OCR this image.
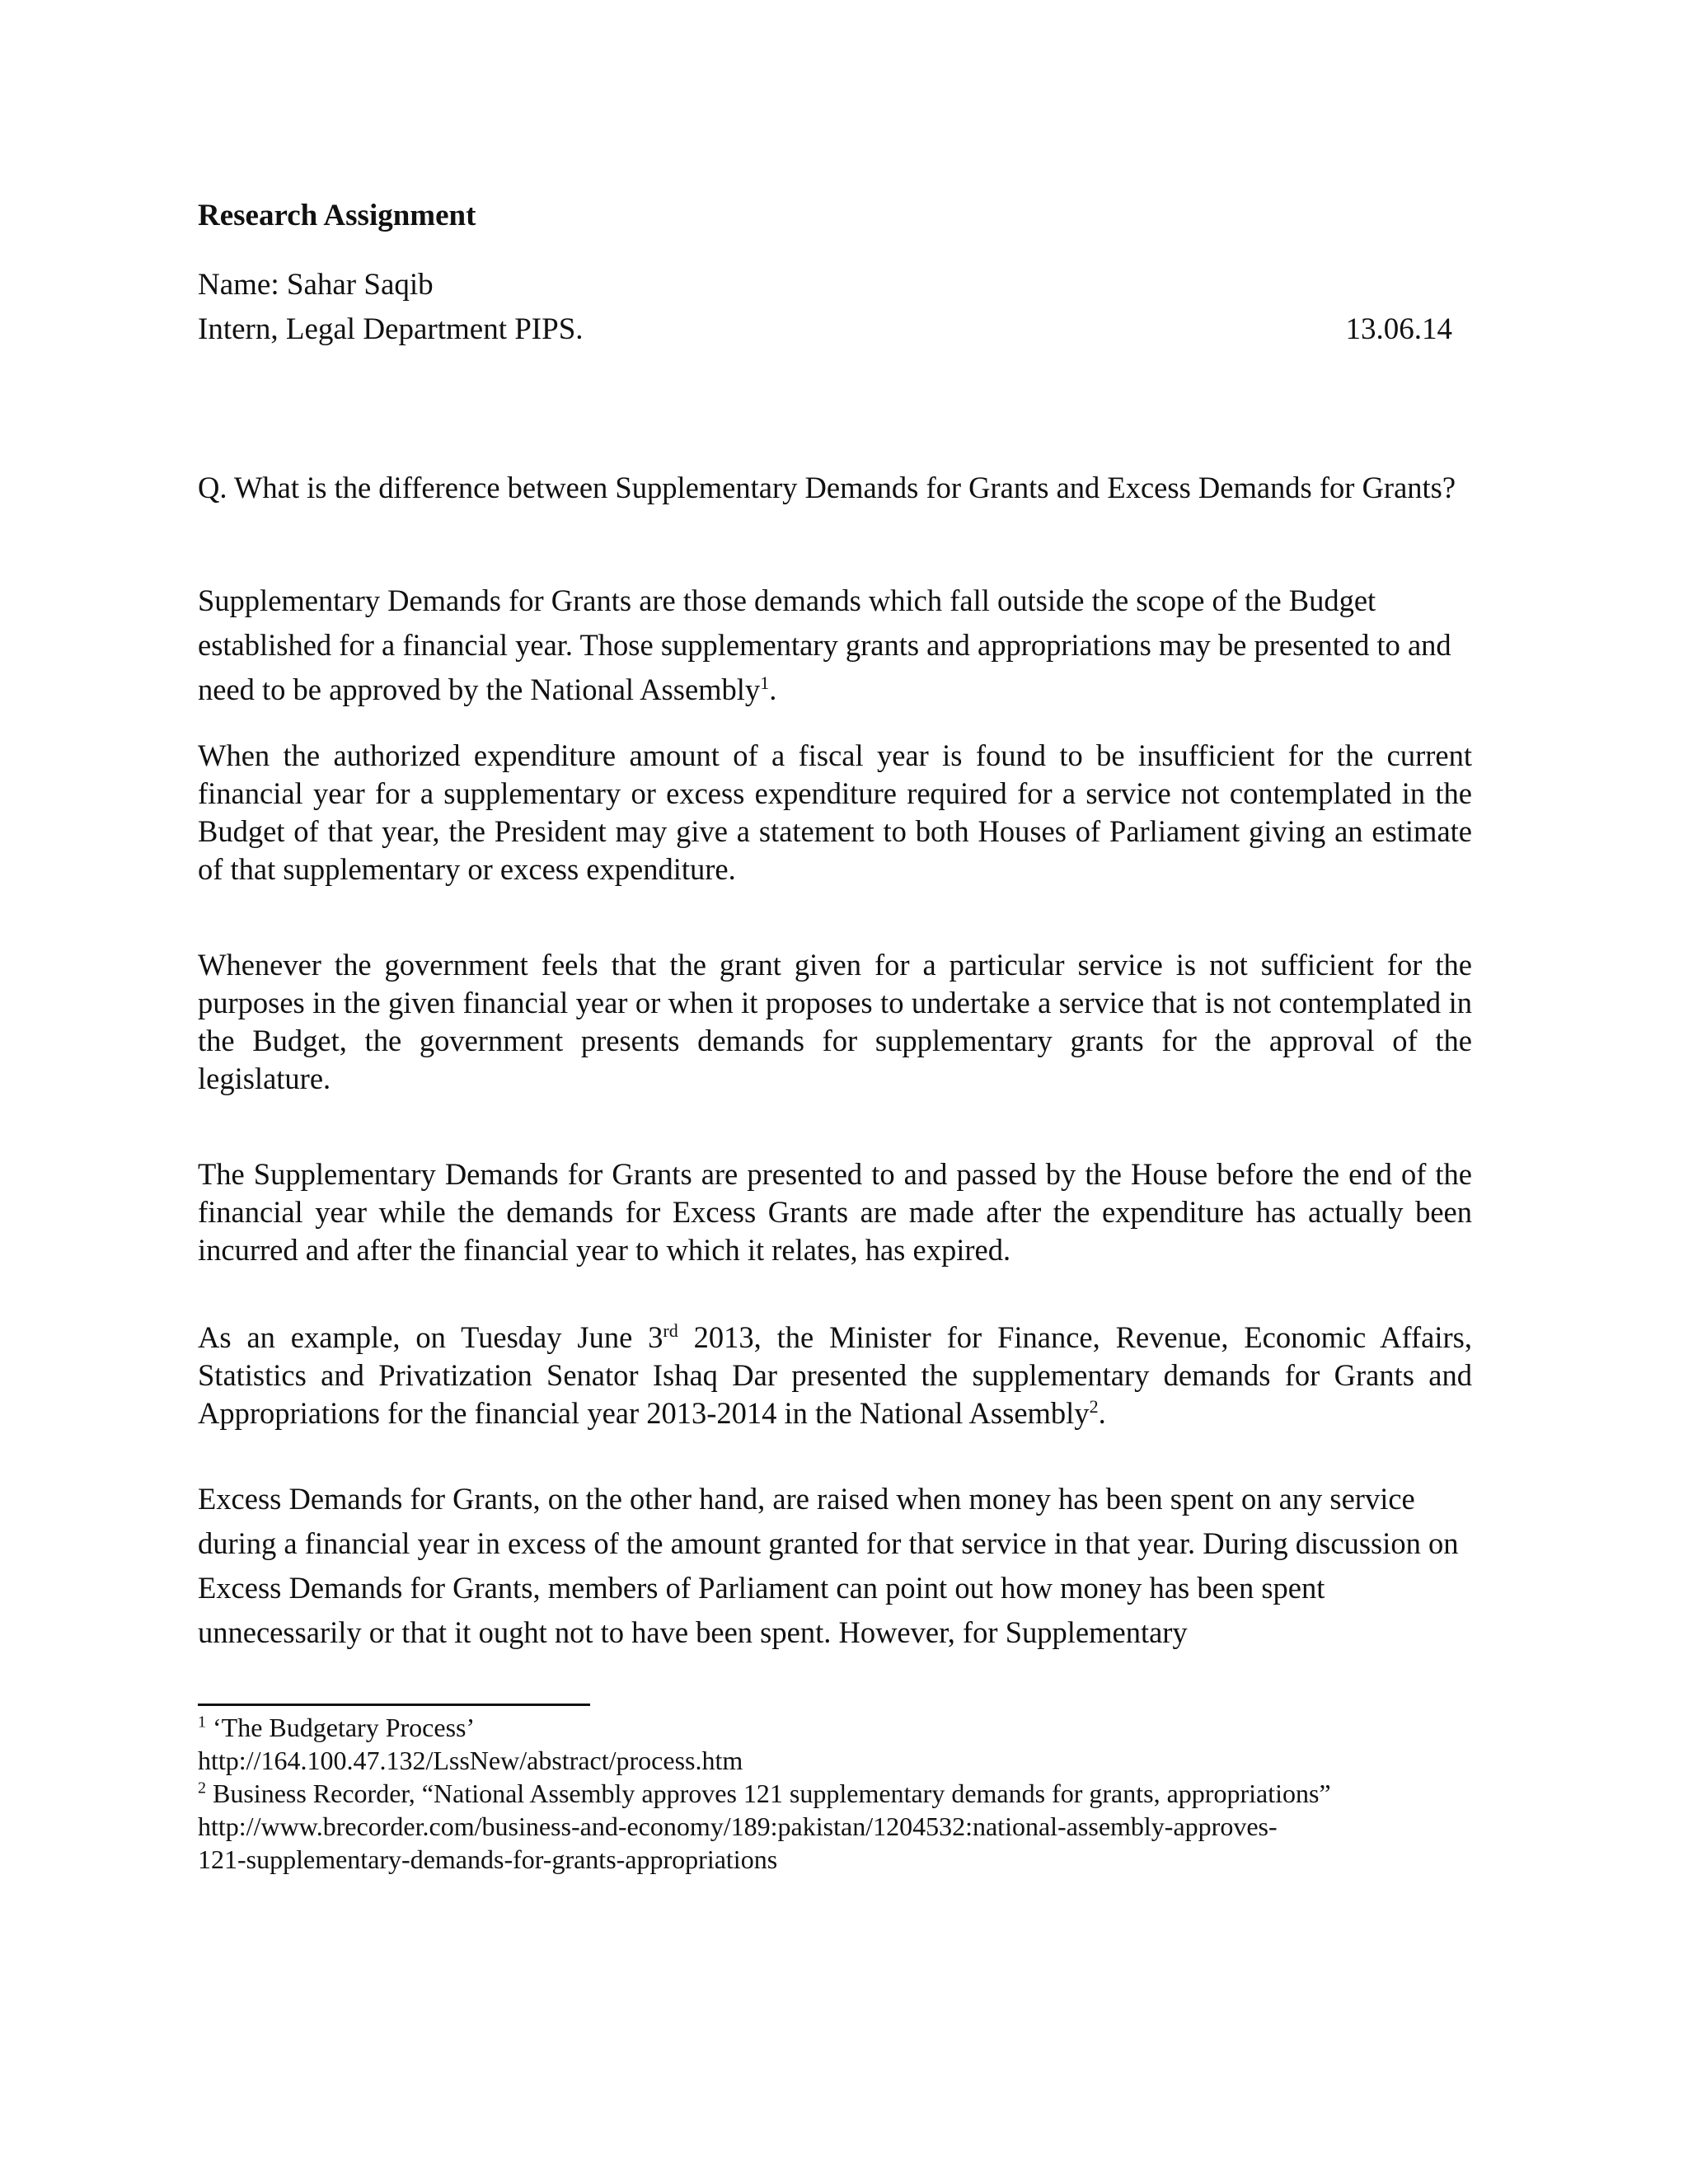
Research Assignment
Name: Sahar Saqib
Intern, Legal Department PIPS.	13.06.14

Q. What is the difference between Supplementary Demands for Grants and Excess Demands for Grants?

Supplementary Demands for Grants are those demands which fall outside the scope of the Budget established for a financial year. Those supplementary grants and appropriations may be presented to and need to be approved by the National Assembly$^1$.

When the authorized expenditure amount of a fiscal year is found to be insufficient for the current financial year for a supplementary or excess expenditure required for a service not contemplated in the Budget of that year, the President may give a statement to both Houses of Parliament giving an estimate of that supplementary or excess expenditure.

Whenever the government feels that the grant given for a particular service is not sufficient for the purposes in the given financial year or when it proposes to undertake a service that is not contemplated in the Budget, the government presents demands for supplementary grants for the approval of the legislature.

The Supplementary Demands for Grants are presented to and passed by the House before the end of the financial year while the demands for Excess Grants are made after the expenditure has actually been incurred and after the financial year to which it relates, has expired.

As an example, on Tuesday June 3rd 2013, the Minister for Finance, Revenue, Economic Affairs, Statistics and Privatization Senator Ishaq Dar presented the supplementary demands for Grants and Appropriations for the financial year 2013-2014 in the National Assembly$^2$.

Excess Demands for Grants, on the other hand, are raised when money has been spent on any service during a financial year in excess of the amount granted for that service in that year. During discussion on Excess Demands for Grants, members of Parliament can point out how money has been spent unnecessarily or that it ought not to have been spent. However, for Supplementary

$^1$ ‘The Budgetary Process’
http://164.100.47.132/LssNew/abstract/process.htm
$^2$ Business Recorder, “National Assembly approves 121 supplementary demands for grants, appropriations”
http://www.brecorder.com/business-and-economy/189:pakistan/1204532:national-assembly-approves-
121-supplementary-demands-for-grants-appropriations
